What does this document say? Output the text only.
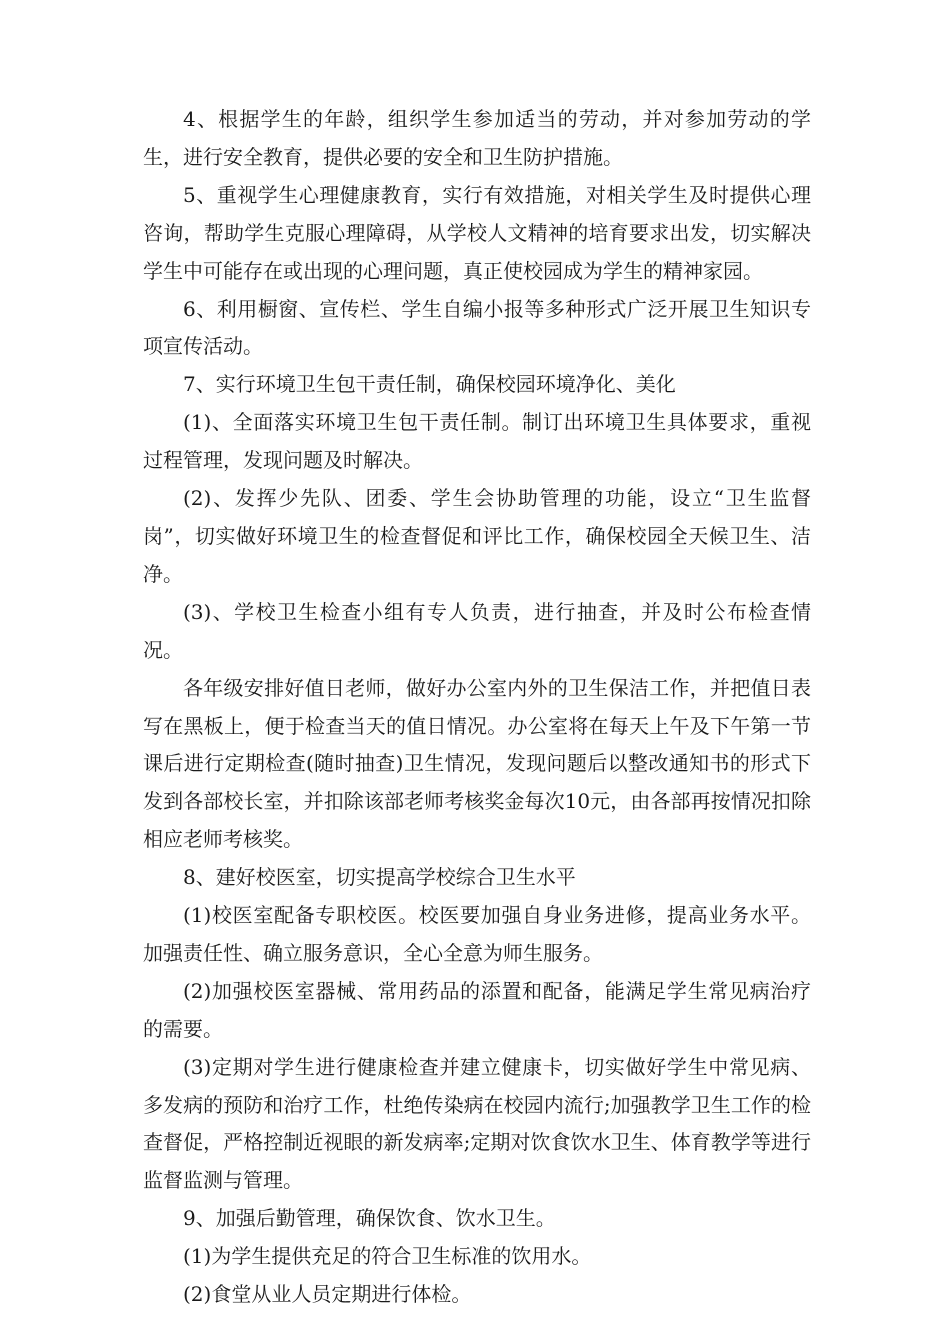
4、根据学生的年龄，组织学生参加适当的劳动，并对参加劳动的学生，进行安全教育，提供必要的安全和卫生防护措施。

5、重视学生心理健康教育，实行有效措施，对相关学生及时提供心理咨询，帮助学生克服心理障碍，从学校人文精神的培育要求出发，切实解决学生中可能存在或出现的心理问题，真正使校园成为学生的精神家园。

6、利用橱窗、宣传栏、学生自编小报等多种形式广泛开展卫生知识专项宣传活动。

7、实行环境卫生包干责任制，确保校园环境净化、美化

(1)、全面落实环境卫生包干责任制。制订出环境卫生具体要求，重视过程管理，发现问题及时解决。

(2)、发挥少先队、团委、学生会协助管理的功能，设立“卫生监督岗”，切实做好环境卫生的检查督促和评比工作，确保校园全天候卫生、洁净。

(3)、学校卫生检查小组有专人负责，进行抽查，并及时公布检查情况。

各年级安排好值日老师，做好办公室内外的卫生保洁工作，并把值日表写在黑板上，便于检查当天的值日情况。办公室将在每天上午及下午第一节课后进行定期检查(随时抽查)卫生情况，发现问题后以整改通知书的形式下发到各部校长室，并扣除该部老师考核奖金每次10元，由各部再按情况扣除相应老师考核奖。

8、建好校医室，切实提高学校综合卫生水平

(1)校医室配备专职校医。校医要加强自身业务进修，提高业务水平。加强责任性、确立服务意识，全心全意为师生服务。

(2)加强校医室器械、常用药品的添置和配备，能满足学生常见病治疗的需要。

(3)定期对学生进行健康检查并建立健康卡，切实做好学生中常见病、多发病的预防和治疗工作，杜绝传染病在校园内流行;加强教学卫生工作的检查督促，严格控制近视眼的新发病率;定期对饮食饮水卫生、体育教学等进行监督监测与管理。

9、加强后勤管理，确保饮食、饮水卫生。

(1)为学生提供充足的符合卫生标准的饮用水。

(2)食堂从业人员定期进行体检。
